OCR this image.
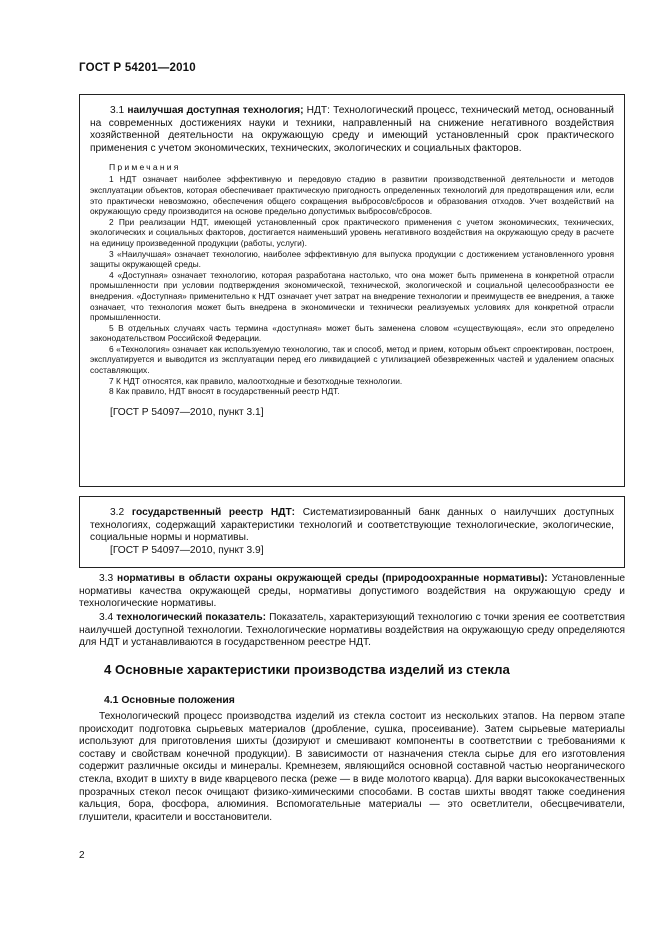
ГОСТ Р 54201—2010

3.1 наилучшая доступная технология; НДТ: Технологический процесс, технический метод, основанный на современных достижениях науки и техники, направленный на снижение негативного воздействия хозяйственной деятельности на окружающую среду и имеющий установленный срок практического применения с учетом экономических, технических, экологических и социальных факторов.

Примечания

1 НДТ означает наиболее эффективную и передовую стадию в развитии производственной деятельности и методов эксплуатации объектов, которая обеспечивает практическую пригодность определенных технологий для предотвращения или, если это практически невозможно, обеспечения общего сокращения выбросов/сбросов и образования отходов. Учет воздействий на окружающую среду производится на основе предельно допустимых выбросов/сбросов.

2 При реализации НДТ, имеющей установленный срок практического применения с учетом экономических, технических, экологических и социальных факторов, достигается наименьший уровень негативного воздействия на окружающую среду в расчете на единицу произведенной продукции (работы, услуги).

3 «Наилучшая» означает технологию, наиболее эффективную для выпуска продукции с достижением установленного уровня защиты окружающей среды.

4 «Доступная» означает технологию, которая разработана настолько, что она может быть применена в конкретной отрасли промышленности при условии подтверждения экономической, технической, экологической и социальной целесообразности ее внедрения. «Доступная» применительно к НДТ означает учет затрат на внедрение технологии и преимуществ ее внедрения, а также означает, что технология может быть внедрена в экономически и технически реализуемых условиях для конкретной отрасли промышленности.

5 В отдельных случаях часть термина «доступная» может быть заменена словом «существующая», если это определено законодательством Российской Федерации.

6 «Технология» означает как используемую технологию, так и способ, метод и прием, которым объект спроектирован, построен, эксплуатируется и выводится из эксплуатации перед его ликвидацией с утилизацией обезвреженных частей и удалением опасных составляющих.

7 К НДТ относятся, как правило, малоотходные и безотходные технологии.

8 Как правило, НДТ вносят в государственный реестр НДТ.

[ГОСТ Р 54097—2010, пункт 3.1]

3.2 государственный реестр НДТ: Систематизированный банк данных о наилучших доступных технологиях, содержащий характеристики технологий и соответствующие технологические, экологические, социальные нормы и нормативы.

[ГОСТ Р 54097—2010, пункт 3.9]

3.3 нормативы в области охраны окружающей среды (природоохранные нормативы): Установленные нормативы качества окружающей среды, нормативы допустимого воздействия на окружающую среду и технологические нормативы.

3.4 технологический показатель: Показатель, характеризующий технологию с точки зрения ее соответствия наилучшей доступной технологии. Технологические нормативы воздействия на окружающую среду определяются для НДТ и устанавливаются в государственном реестре НДТ.

4 Основные характеристики производства изделий из стекла
4.1 Основные положения

Технологический процесс производства изделий из стекла состоит из нескольких этапов. На первом этапе происходит подготовка сырьевых материалов (дробление, сушка, просеивание). Затем сырьевые материалы используют для приготовления шихты (дозируют и смешивают компоненты в соответствии с требованиями к составу и свойствам конечной продукции). В зависимости от назначения стекла сырье для его изготовления содержит различные оксиды и минералы. Кремнезем, являющийся основной составной частью неорганического стекла, входит в шихту в виде кварцевого песка (реже — в виде молотого кварца). Для варки высококачественных прозрачных стекол песок очищают физико-химическими способами. В состав шихты вводят также соединения кальция, бора, фосфора, алюминия. Вспомогательные материалы — это осветлители, обесцвечиватели, глушители, красители и восстановители.

2
